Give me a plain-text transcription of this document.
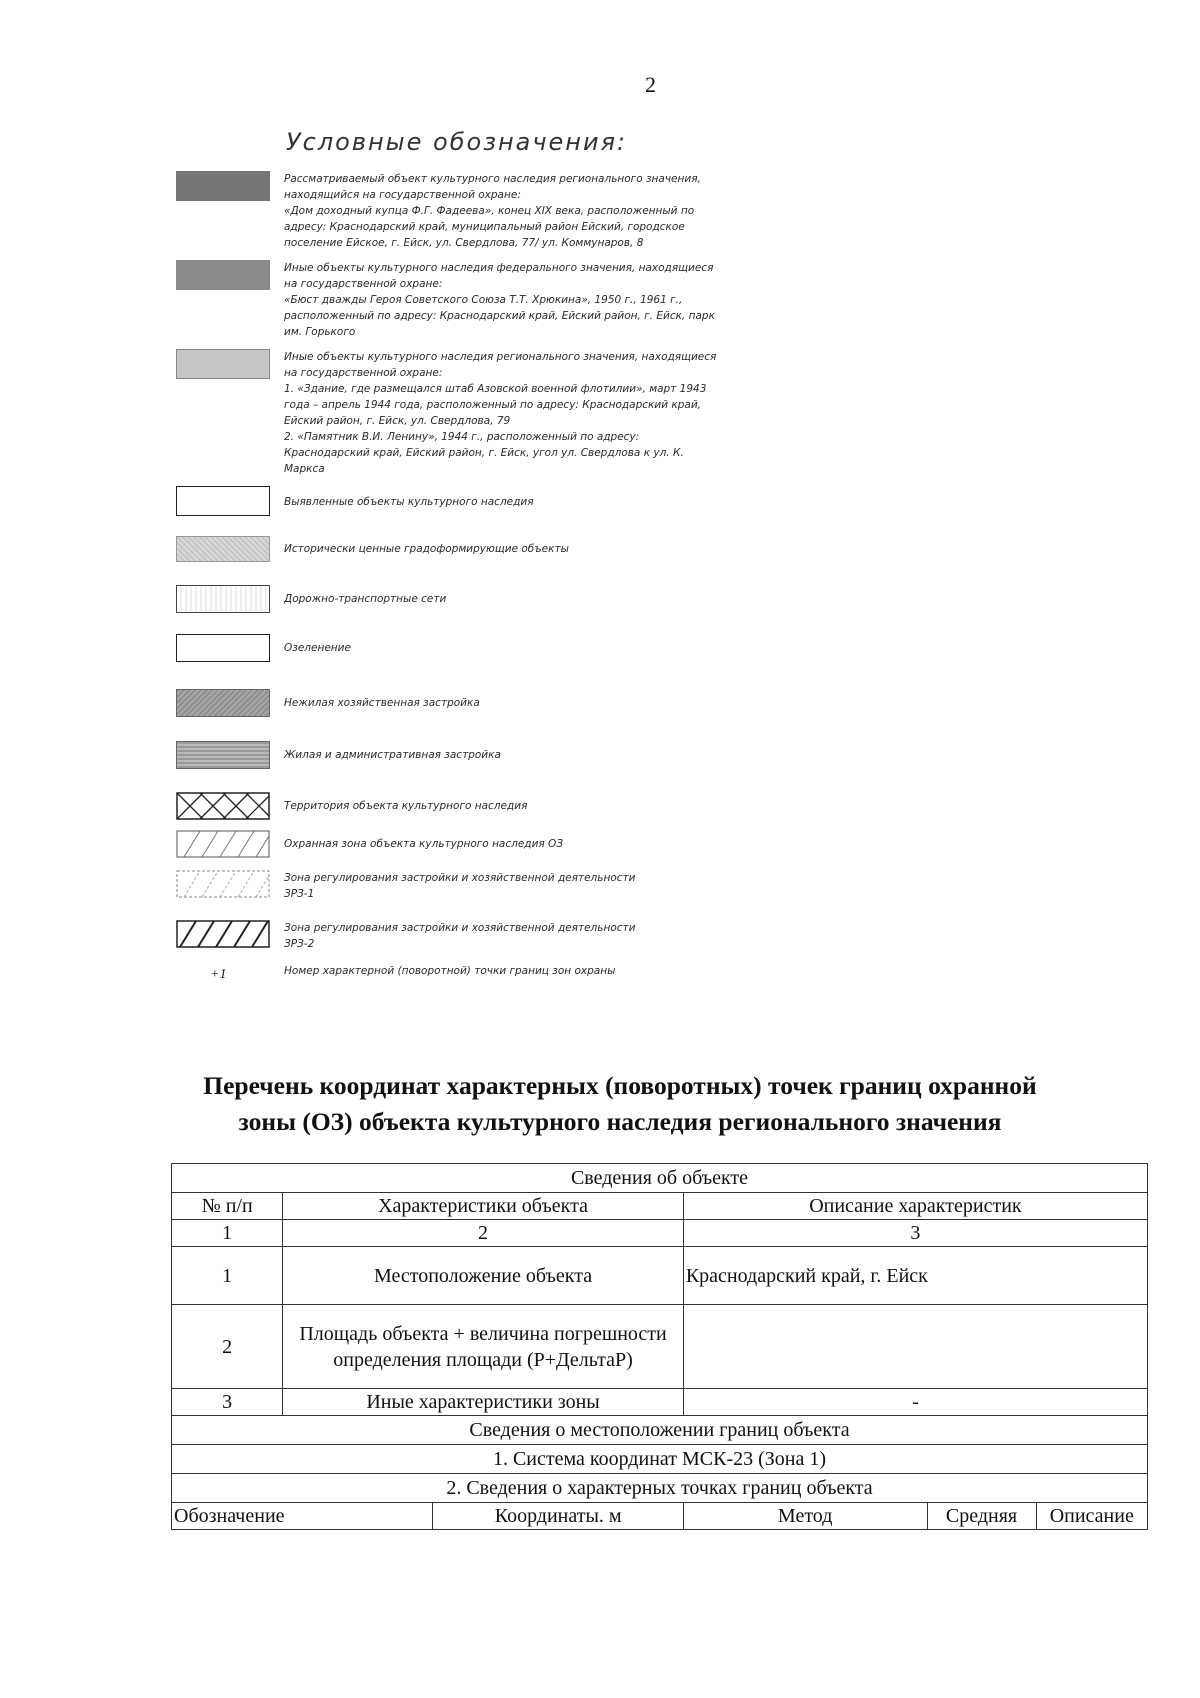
2
Условные обозначения:
Рассматриваемый объект культурного наследия регионального значения,
находящийся на государственной охране:
«Дом доходный купца Ф.Г. Фадеева», конец XIX века, расположенный по
адресу: Краснодарский край, муниципальный район Ейский, городское
поселение Ейское, г. Ейск, ул. Свердлова, 77/ ул. Коммунаров, 8
Иные объекты культурного наследия федерального значения, находящиеся
на государственной охране:
«Бюст дважды Героя Советского Союза Т.Т. Хрюкина», 1950 г., 1961 г.,
расположенный по адресу: Краснодарский край, Ейский район, г. Ейск, парк
им. Горького
Иные объекты культурного наследия регионального значения, находящиеся
на государственной охране:
1. «Здание, где размещался штаб Азовской военной флотилии», март 1943
года – апрель 1944 года, расположенный по адресу: Краснодарский край,
Ейский район, г. Ейск, ул. Свердлова, 79
2. «Памятник В.И. Ленину», 1944 г., расположенный по адресу:
Краснодарский край, Ейский район, г. Ейск, угол ул. Свердлова к ул. К.
Маркса
Выявленные объекты культурного наследия
Исторически ценные градоформирующие объекты
Дорожно-транспортные сети
Озеленение
Нежилая хозяйственная застройка
Жилая и административная застройка
Территория объекта культурного наследия
Охранная зона объекта культурного наследия ОЗ
Зона регулирования застройки и хозяйственной деятельности
ЗРЗ-1
Зона регулирования застройки и хозяйственной деятельности
ЗРЗ-2
+1	Номер характерной (поворотной) точки границ зон охраны
Перечень координат характерных (поворотных) точек границ охранной
зоны (ОЗ) объекта культурного наследия регионального значения
Сведения об объекте					
№ п/п	Характеристики объекта		Описание характеристик		
1	2		3		
1	Местоположение объекта		Краснодарский край, г. Ейск		
2	Площадь объекта + величина погрешности определения площади (Р+ДельтаР)				
3	Иные характеристики зоны		-		
Сведения о местоположении границ объекта					
1. Система координат МСК-23 (Зона 1)					
2. Сведения о характерных точках границ объекта					
Обозначение		Координаты. м	Метод	Средняя	Описание
